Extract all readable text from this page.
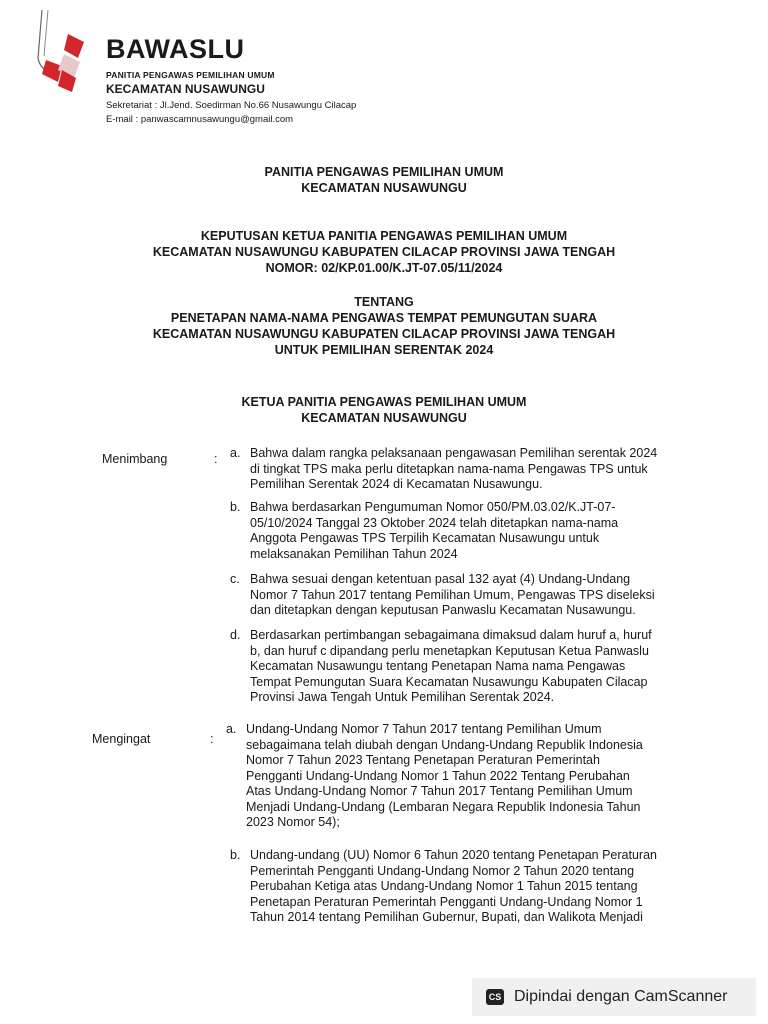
BAWASLU
PANITIA PENGAWAS PEMILIHAN UMUM
KECAMATAN NUSAWUNGU
Sekretariat : Jl.Jend. Soedirman No.66 Nusawungu Cilacap
E-mail : panwascamnusawungu@gmail.com
PANITIA PENGAWAS PEMILIHAN UMUM
KECAMATAN NUSAWUNGU
KEPUTUSAN KETUA PANITIA PENGAWAS PEMILIHAN UMUM
KECAMATAN NUSAWUNGU KABUPATEN CILACAP PROVINSI JAWA TENGAH
NOMOR: 02/KP.01.00/K.JT-07.05/11/2024
TENTANG
PENETAPAN NAMA-NAMA PENGAWAS TEMPAT PEMUNGUTAN SUARA
KECAMATAN NUSAWUNGU KABUPATEN CILACAP PROVINSI JAWA TENGAH
UNTUK PEMILIHAN SERENTAK 2024
KETUA PANITIA PENGAWAS PEMILIHAN UMUM
KECAMATAN NUSAWUNGU
Menimbang	: a. Bahwa dalam rangka pelaksanaan pengawasan Pemilihan serentak 2024
di tingkat TPS maka perlu ditetapkan nama-nama Pengawas TPS untuk
Pemilihan Serentak 2024 di Kecamatan Nusawungu.
b. Bahwa berdasarkan Pengumuman Nomor 050/PM.03.02/K.JT-07-
05/10/2024 Tanggal 23 Oktober 2024 telah ditetapkan nama-nama
Anggota Pengawas TPS Terpilih Kecamatan Nusawungu untuk
melaksanakan Pemilihan Tahun 2024
c. Bahwa sesuai dengan ketentuan pasal 132 ayat (4) Undang-Undang
Nomor 7 Tahun 2017 tentang Pemilihan Umum, Pengawas TPS diseleksi
dan ditetapkan dengan keputusan Panwaslu Kecamatan Nusawungu.
d. Berdasarkan pertimbangan sebagaimana dimaksud dalam huruf a, huruf
b, dan huruf c dipandang perlu menetapkan Keputusan Ketua Panwaslu
Kecamatan Nusawungu tentang Penetapan Nama nama Pengawas
Tempat Pemungutan Suara Kecamatan Nusawungu Kabupaten Cilacap
Provinsi Jawa Tengah Untuk Pemilihan Serentak 2024.
Mengingat	:
a. Undang-Undang Nomor 7 Tahun 2017 tentang Pemilihan Umum
sebagaimana telah diubah dengan Undang-Undang Republik Indonesia
Nomor 7 Tahun 2023 Tentang Penetapan Peraturan Pemerintah
Pengganti Undang-Undang Nomor 1 Tahun 2022 Tentang Perubahan
Atas Undang-Undang Nomor 7 Tahun 2017 Tentang Pemilihan Umum
Menjadi Undang-Undang (Lembaran Negara Republik Indonesia Tahun
2023 Nomor 54);
b. Undang-undang (UU) Nomor 6 Tahun 2020 tentang Penetapan Peraturan
Pemerintah Pengganti Undang-Undang Nomor 2 Tahun 2020 tentang
Perubahan Ketiga atas Undang-Undang Nomor 1 Tahun 2015 tentang
Penetapan Peraturan Pemerintah Pengganti Undang-Undang Nomor 1
Tahun 2014 tentang Pemilihan Gubernur, Bupati, dan Walikota Menjadi
CS Dipindai dengan CamScanner
